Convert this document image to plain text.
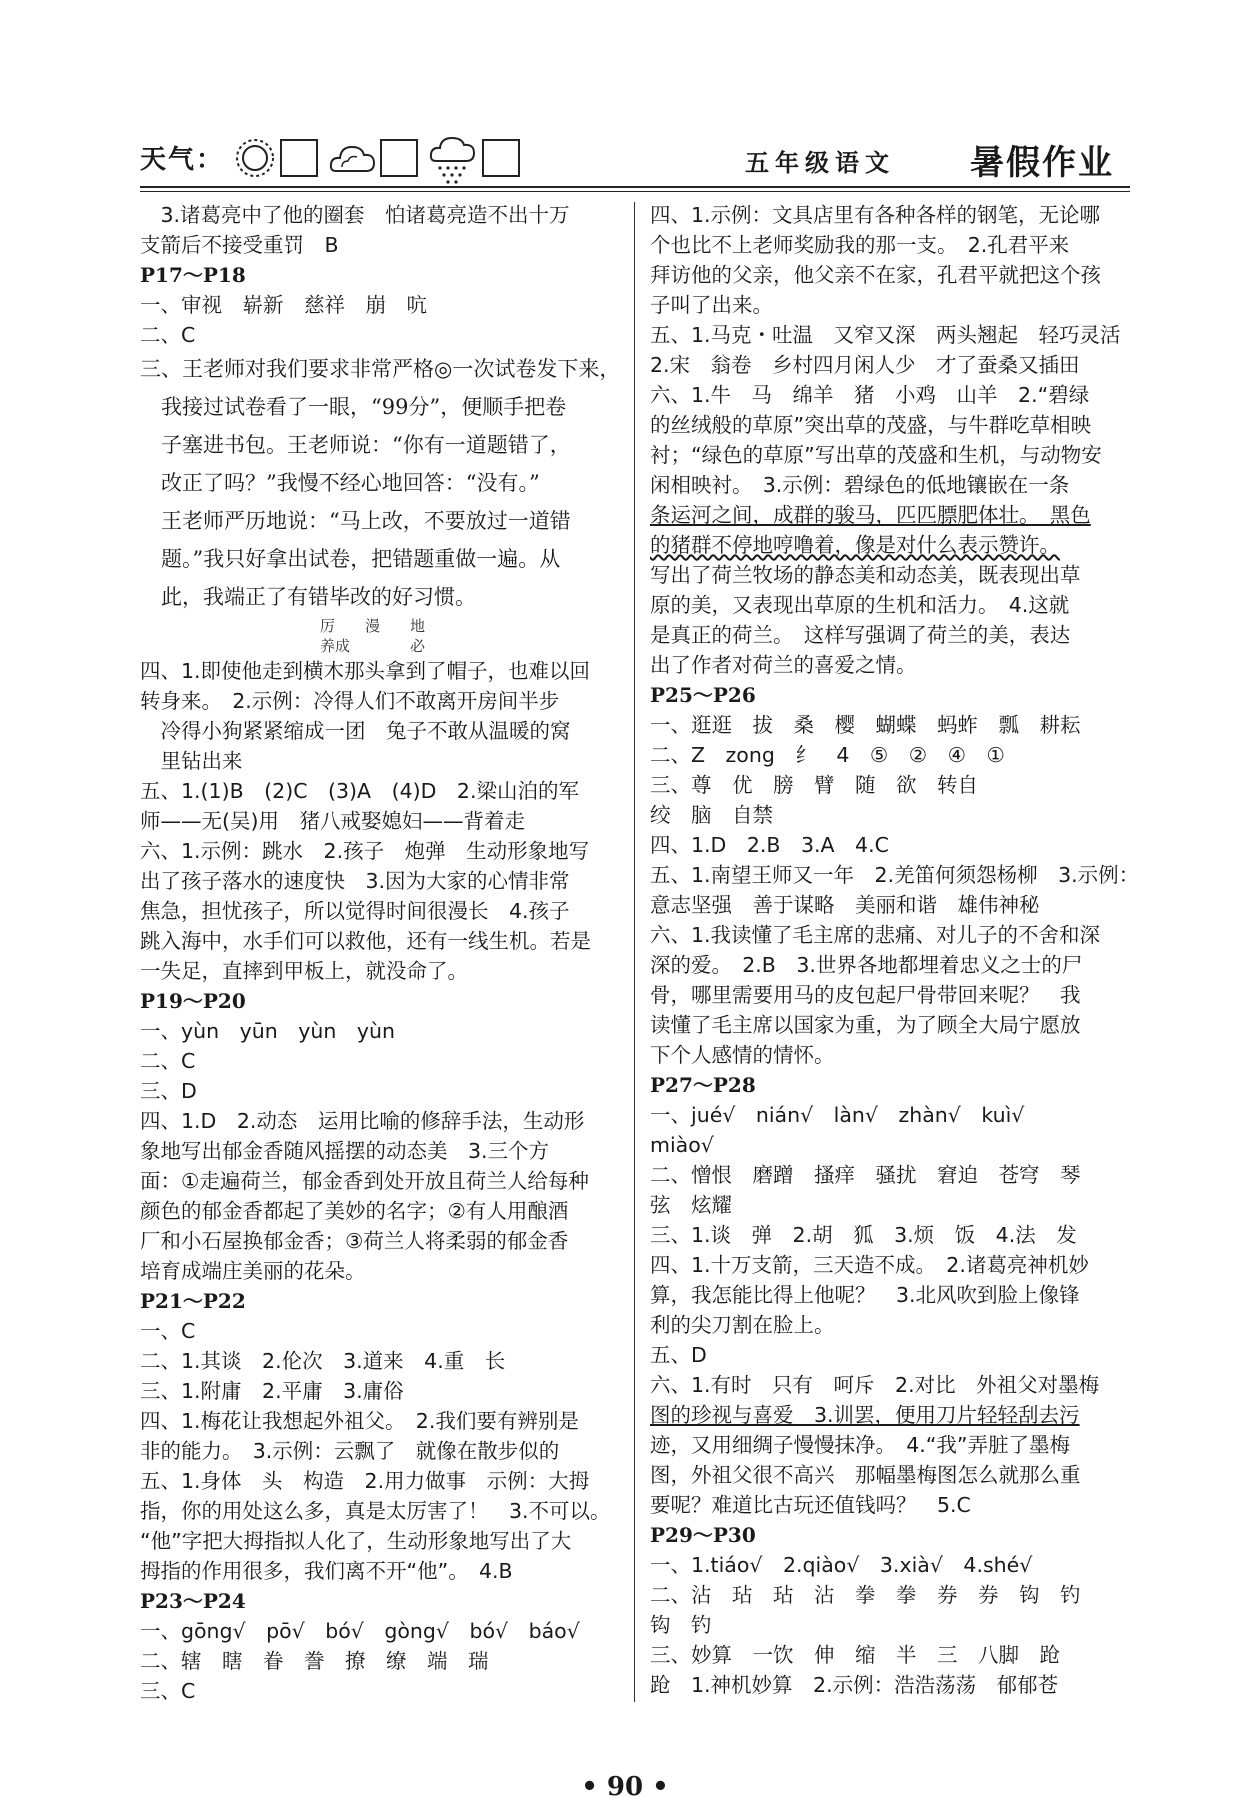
天气：	五年级语文 暑假作业

　3.诸葛亮中了他的圈套　怕诸葛亮造不出十万

支箭后不接受重罚　B

P17～P18

一、审视　崭新　慈祥　崩　吭

二、C

三、王老师对我们要求非常严格◎一次试卷发下来，

　我接过试卷看了一眼，“99分”，便顺手把卷

　子塞进书包。王老师说：“你有一道题错了，

　改正了吗？”我慢不经心地回答：“没有。”

　王老师严历地说：“马上改，不要放过一道错

　题。”我只好拿出试卷，把错题重做一遍。从

　此，我端正了有错毕改的好习惯。

　　　　　　　　　　　　厉　　漫　　地

　　　　　　　　　　　　养成　　　　必

四、1.即使他走到横木那头拿到了帽子，也难以回

转身来。　2.示例：冷得人们不敢离开房间半步

　冷得小狗紧紧缩成一团　兔子不敢从温暖的窝

　里钻出来

五、1.(1)B　(2)C　(3)A　(4)D　2.梁山泊的军

师——无(吴)用　猪八戒娶媳妇——背着走

六、1.示例：跳水　2.孩子　炮弹　生动形象地写

出了孩子落水的速度快　3.因为大家的心情非常

焦急，担忧孩子，所以觉得时间很漫长　4.孩子

跳入海中，水手们可以救他，还有一线生机。若是

一失足，直摔到甲板上，就没命了。

P19～P20

一、yùn　yūn　yùn　yùn

二、C

三、D

四、1.D　2.动态　运用比喻的修辞手法，生动形

象地写出郁金香随风摇摆的动态美　3.三个方

面：①走遍荷兰，郁金香到处开放且荷兰人给每种

颜色的郁金香都起了美妙的名字；②有人用酿酒

厂和小石屋换郁金香；③荷兰人将柔弱的郁金香

培育成端庄美丽的花朵。

P21～P22

一、C

二、1.其谈　2.伦次　3.道来　4.重　长

三、1.附庸　2.平庸　3.庸俗

四、1.梅花让我想起外祖父。　2.我们要有辨别是

非的能力。　3.示例：云飘了　就像在散步似的

五、1.身体　头　构造　2.用力做事　示例：大拇

指，你的用处这么多，真是太厉害了！　3.不可以。

“他”字把大拇指拟人化了，生动形象地写出了大

拇指的作用很多，我们离不开“他”。　4.B

P23～P24

一、gōng√　pō√　bó√　gòng√　bó√　báo√

二、辖　瞎　眷　誊　撩　缭　端　瑞

三、C

四、1.示例：文具店里有各种各样的钢笔，无论哪

个也比不上老师奖励我的那一支。　2.孔君平来

拜访他的父亲，他父亲不在家，孔君平就把这个孩

子叫了出来。

五、1.马克・吐温　又窄又深　两头翘起　轻巧灵活

2.宋　翁卷　乡村四月闲人少　才了蚕桑又插田

六、1.牛　马　绵羊　猪　小鸡　山羊　2.“碧绿

的丝绒般的草原”突出草的茂盛，与牛群吃草相映

衬；“绿色的草原”写出草的茂盛和生机，与动物安

闲相映衬。　3.示例：碧绿色的低地镶嵌在一条

条运河之间，成群的骏马，匹匹膘肥体壮。　黑色

的猪群不停地哼噜着，像是对什么表示赞许。

写出了荷兰牧场的静态美和动态美，既表现出草

原的美，又表现出草原的生机和活力。　4.这就

是真正的荷兰。　这样写强调了荷兰的美，表达

出了作者对荷兰的喜爱之情。

P25～P26

一、逛逛　拔　桑　樱　蝴蝶　蚂蚱　瓢　耕耘

二、Z　zong　纟　4　⑤　②　④　①

三、尊　优　膀　臂　随　欲　转自

绞　脑　自禁

四、1.D　2.B　3.A　4.C

五、1.南望王师又一年　2.羌笛何须怨杨柳　3.示例：

意志坚强　善于谋略　美丽和谐　雄伟神秘

六、1.我读懂了毛主席的悲痛、对儿子的不舍和深

深的爱。　2.B　3.世界各地都埋着忠义之士的尸

骨，哪里需要用马的皮包起尸骨带回来呢？　我

读懂了毛主席以国家为重，为了顾全大局宁愿放

下个人感情的情怀。

P27～P28

一、jué√　nián√　làn√　zhàn√　kuì√

miào√

二、憎恨　磨蹭　搔痒　骚扰　窘迫　苍穹　琴

弦　炫耀

三、1.谈　弹　2.胡　狐　3.烦　饭　4.法　发

四、1.十万支箭，三天造不成。　2.诸葛亮神机妙

算，我怎能比得上他呢？　3.北风吹到脸上像锋

利的尖刀割在脸上。

五、D

六、1.有时　只有　呵斥　2.对比　外祖父对墨梅

图的珍视与喜爱　3.训罢，便用刀片轻轻刮去污

迹，又用细绸子慢慢抹净。　4.“我”弄脏了墨梅

图，外祖父很不高兴　那幅墨梅图怎么就那么重

要呢？难道比古玩还值钱吗？　5.C

P29～P30

一、1.tiáo√　2.qiào√　3.xià√　4.shé√

二、沾　玷　玷　沾　拳　拳　券　券　钩　钓

钩　钓

三、妙算　一饮　伸　缩　半　三　八脚　跄

跄　1.神机妙算　2.示例：浩浩荡荡　郁郁苍

• 90 •
